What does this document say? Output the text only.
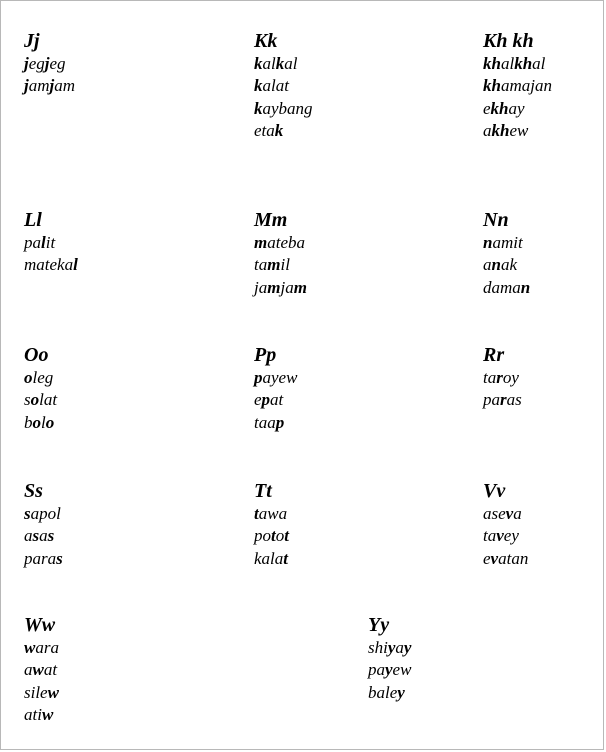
Jj
jegjeg
jamjam
Kk
kalkal
kalat
kaybang
etak
Kh kh
khalkhal
khamajan
ekhay
akhew
Ll
palit
matekal
Mm
mateba
tamil
jamjam
Nn
namit
anak
daman
Oo
oleg
solat
bolo
Pp
payew
epat
taap
Rr
taroy
paras
Ss
sapol
asas
paras
Tt
tawa
potot
kalat
Vv
aseva
tavey
evatan
Ww
wara
awat
silew
atiw
Yy
shiyay
payew
baley
